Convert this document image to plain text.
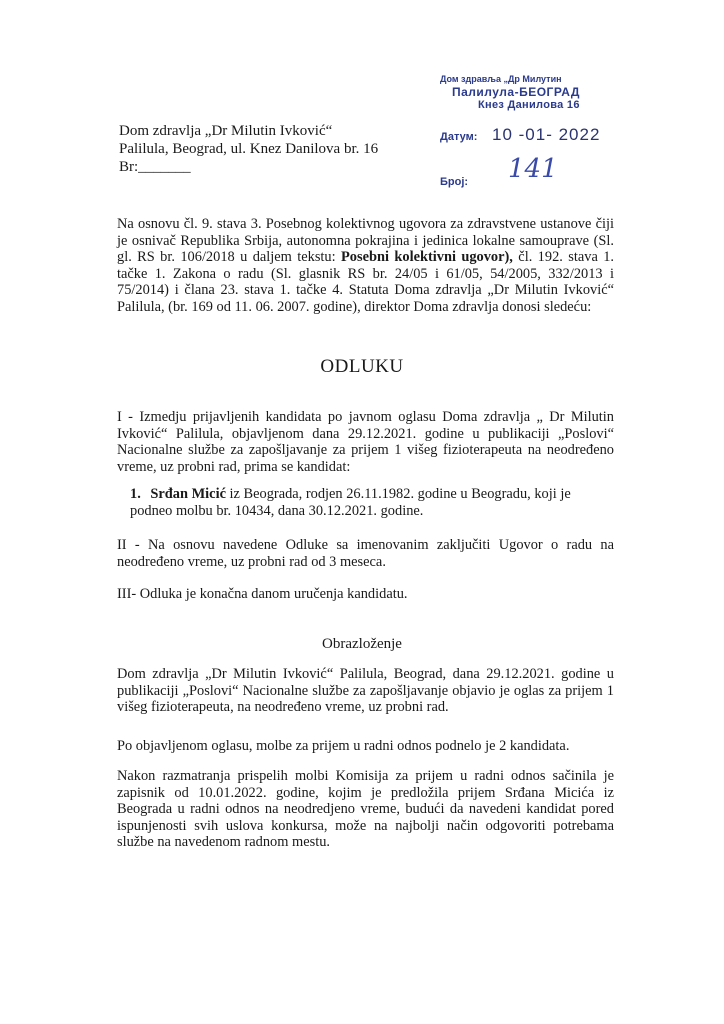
Дом здравља „Др Милутин
Палилула-БЕОГРАД
Кнез Данилова 16
Датум: 10 -01- 2022
Број: 141
Dom zdravlja „Dr Milutin Ivković“
Palilula, Beograd, ul. Knez Danilova br. 16
Br:_______
Na osnovu čl. 9. stava 3. Posebnog kolektivnog ugovora za zdravstvene ustanove čiji je osnivač Republika Srbija, autonomna pokrajina i jedinica lokalne samouprave (Sl. gl. RS br. 106/2018 u daljem tekstu: Posebni kolektivni ugovor), čl. 192. stava 1. tačke 1. Zakona o radu (Sl. glasnik RS br. 24/05 i 61/05, 54/2005, 332/2013 i 75/2014) i člana 23. stava 1. tačke 4. Statuta Doma zdravlja „Dr Milutin Ivković“ Palilula, (br. 169 od 11. 06. 2007. godine), direktor Doma zdravlja donosi sledeću:
ODLUKU
I - Izmedju prijavljenih kandidata po javnom oglasu Doma zdravlja „ Dr Milutin Ivković“ Palilula, objavljenom dana 29.12.2021. godine u publikaciji „Poslovi“ Nacionalne službe za zapošljavanje za prijem 1 višeg fizioterapeuta na neodređeno vreme, uz probni rad, prima se kandidat:
1. Srđan Micić iz Beograda, rodjen 26.11.1982. godine u Beogradu, koji je podneo molbu br. 10434, dana 30.12.2021. godine.
II - Na osnovu navedene Odluke sa imenovanim zaključiti Ugovor o radu na neodređeno vreme, uz probni rad od 3 meseca.
III- Odluka je konačna danom uručenja kandidatu.
Obrazloženje
Dom zdravlja „Dr Milutin Ivković“ Palilula, Beograd, dana 29.12.2021. godine u publikaciji „Poslovi“ Nacionalne službe za zapošljavanje objavio je oglas za prijem 1 višeg fizioterapeuta, na neodređeno vreme, uz probni rad.
Po objavljenom oglasu, molbe za prijem u radni odnos podnelo je 2 kandidata.
Nakon razmatranja prispelih molbi Komisija za prijem u radni odnos sačinila je zapisnik od 10.01.2022. godine, kojim je predložila prijem Srđana Micića iz Beograda u radni odnos na neodredjeno vreme, budući da navedeni kandidat pored ispunjenosti svih uslova konkursa, može na najbolji način odgovoriti potrebama službe na navedenom radnom mestu.
